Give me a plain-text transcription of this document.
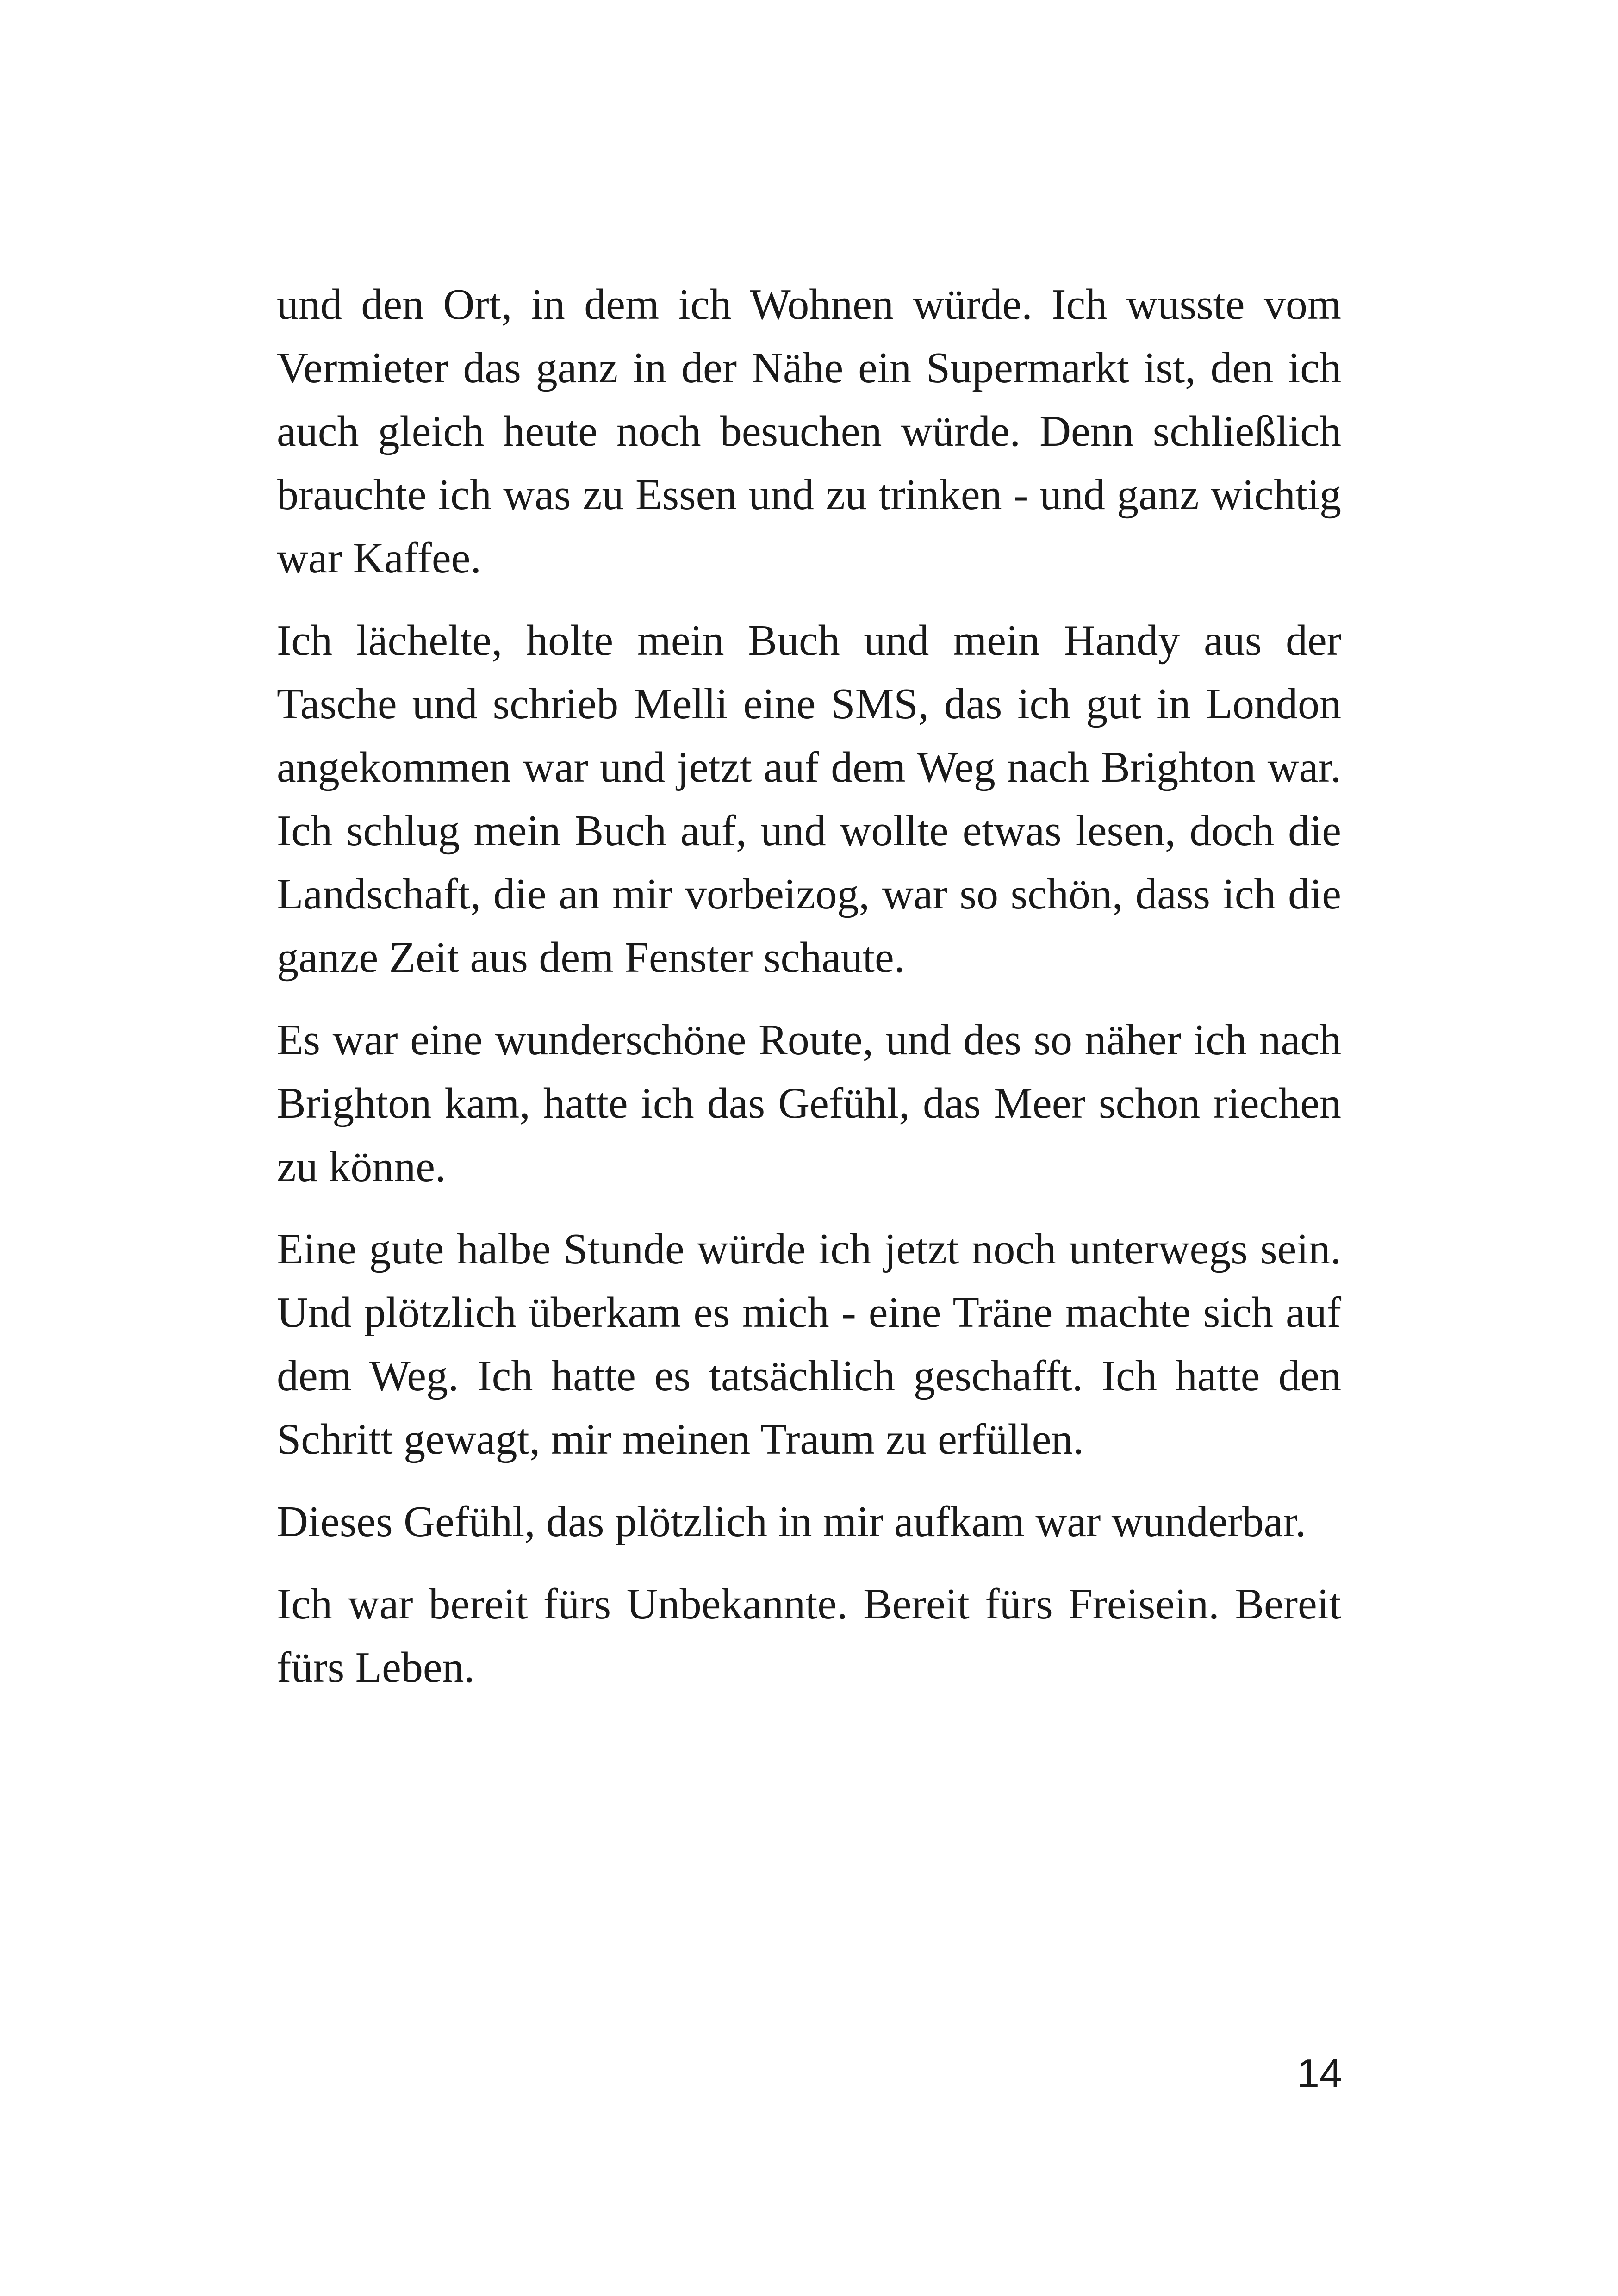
und den Ort, in dem ich Wohnen würde. Ich wusste vom Vermieter das ganz in der Nähe ein Supermarkt ist, den ich auch gleich heute noch besuchen würde. Denn schließlich brauchte ich was zu Essen und zu trinken - und ganz wichtig war Kaffee.

Ich lächelte, holte mein Buch und mein Handy aus der Tasche und schrieb Melli eine SMS, das ich gut in London angekommen war und jetzt auf dem Weg nach Brighton war. Ich schlug mein Buch auf, und wollte etwas lesen, doch die Landschaft, die an mir vorbeizog, war so schön, dass ich die ganze Zeit aus dem Fenster schaute.

Es war eine wunderschöne Route, und des so näher ich nach Brighton kam, hatte ich das Gefühl, das Meer schon riechen zu könne.

Eine gute halbe Stunde würde ich jetzt noch unterwegs sein. Und plötzlich überkam es mich - eine Träne machte sich auf dem Weg. Ich hatte es tatsächlich geschafft. Ich hatte den Schritt gewagt, mir meinen Traum zu erfüllen.

Dieses Gefühl, das plötzlich in mir aufkam war wunderbar.

Ich war bereit fürs Unbekannte. Bereit fürs Freisein. Bereit fürs Leben.

14
